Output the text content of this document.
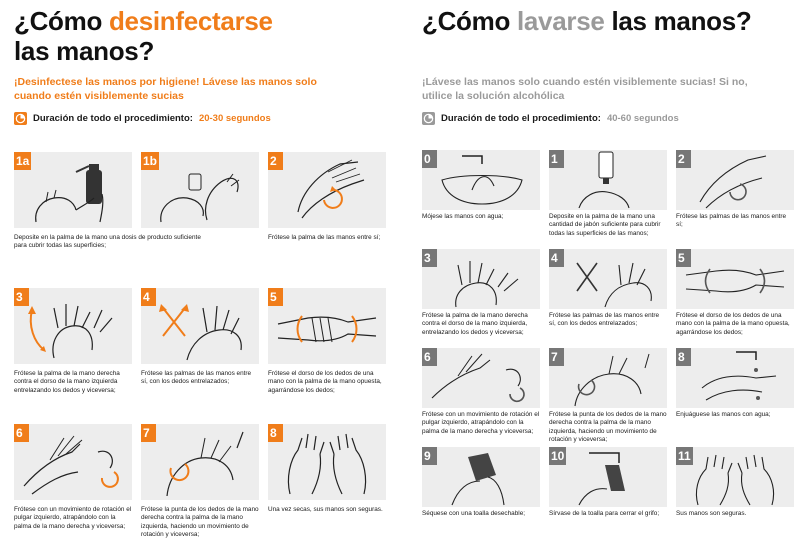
¿Cómo desinfectarse
las manos?
¡Desinfectese las manos por higiene! Lávese las manos solo cuando estén visiblemente sucias
Duración de todo el procedimiento: 20-30 segundos
1a
Deposite en la palma de la mano una dosis de producto suficiente para cubrir todas las superficies;
1b	2
Frótese la palma de las manos entre sí;
3
Frótese la palma de la mano derecha contra el dorso de la mano izquierda entrelazando los dedos y viceversa;
4
Frótese las palmas de las manos entre sí, con los dedos entrelazados;
5
Frótese el dorso de los dedos de una mano con la palma de la mano opuesta, agarrándose los dedos;
6
Frótese con un movimiento de rotación el pulgar izquierdo, atrapándolo con la palma de la mano derecha y viceversa;
7
Frótese la punta de los dedos de la mano derecha contra la palma de la mano izquierda, haciendo un movimiento de rotación y viceversa;
8
Una vez secas, sus manos son seguras.
¿Cómo lavarse las manos?
¡Lávese las manos solo cuando estén visiblemente sucias! Si no, utilice la solución alcohólica
Duración de todo el procedimiento: 40-60 segundos
0
Mójese las manos con agua;
1
Deposite en la palma de la mano una cantidad de jabón suficiente para cubrir todas las superficies de las manos;
2
Frótese las palmas de las manos entre sí;
3
Frótese la palma de la mano derecha contra el dorso de la mano izquierda, entrelazando los dedos y viceversa;
4
Frótese las palmas de las manos entre sí, con los dedos entrelazados;
5
Frótese el dorso de los dedos de una mano con la palma de la mano opuesta, agarrándose los dedos;
6
Frótese con un movimiento de rotación el pulgar izquierdo, atrapándolo con la palma de la mano derecha y viceversa;
7
Frótese la punta de los dedos de la mano derecha contra la palma de la mano izquierda, haciendo un movimiento de rotación y viceversa;
8
Enjuáguese las manos con agua;
9
Séquese con una toalla desechable;
10
Sírvase de la toalla para cerrar el grifo;
11
Sus manos son seguras.
